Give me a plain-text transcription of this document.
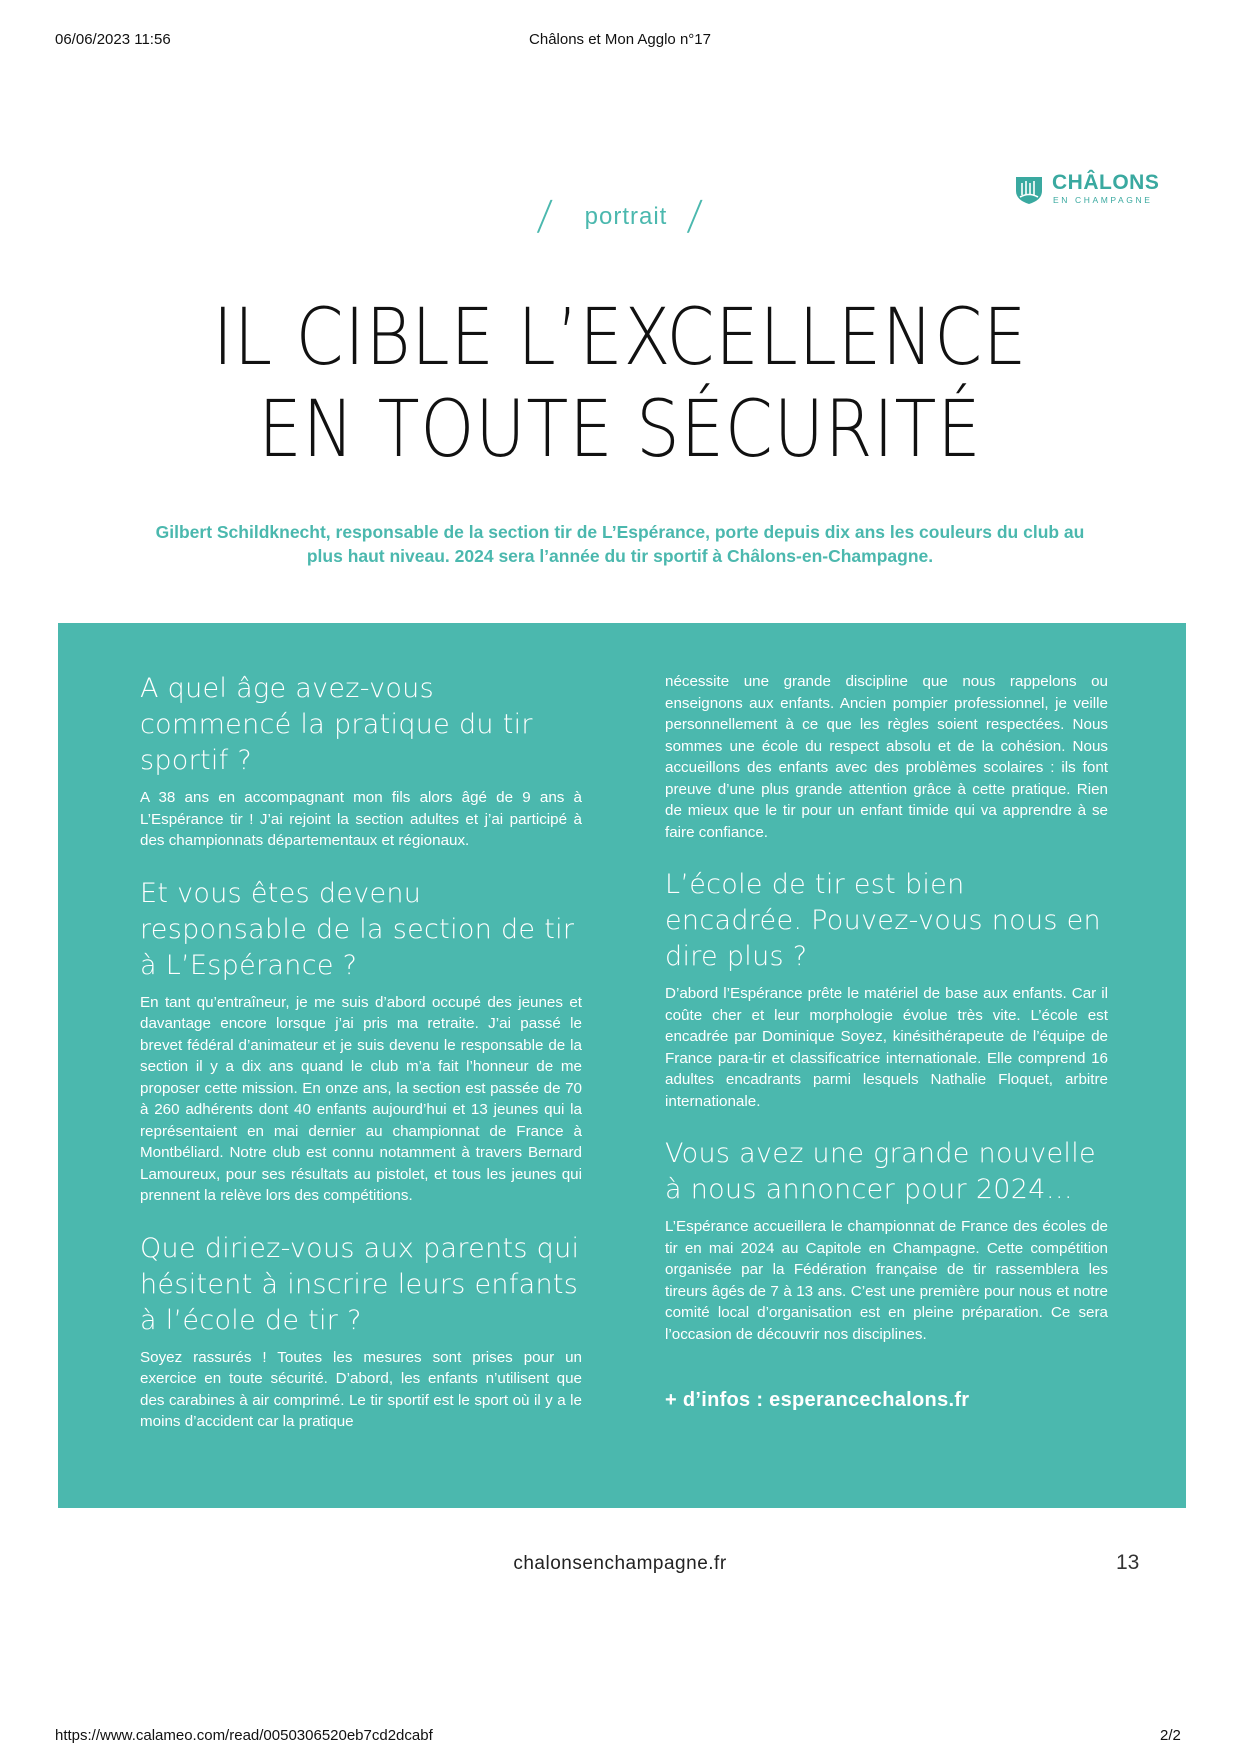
06/06/2023 11:56	Châlons et Mon Agglo n°17
CHÂLONS
EN CHAMPAGNE
/	portrait /
IL CIBLE L’EXCELLENCE
EN TOUTE SÉCURITÉ

Gilbert Schildknecht, responsable de la section tir de L’Espérance, porte depuis dix ans les couleurs du club au plus haut niveau. 2024 sera l’année du tir sportif à Châlons-en-Champagne.

A quel âge avez-vous commencé la pratique du tir sportif ?

A 38 ans en accompagnant mon fils alors âgé de 9 ans à L’Espérance tir ! J’ai rejoint la section adultes et j’ai participé à des championnats départementaux et régionaux.

Et vous êtes devenu responsable de la section de tir à L’Espérance ?

En tant qu’entraîneur, je me suis d’abord occupé des jeunes et davantage encore lorsque j’ai pris ma retraite. J’ai passé le brevet fédéral d’animateur et je suis devenu le responsable de la section il y a dix ans quand le club m’a fait l’honneur de me proposer cette mission. En onze ans, la section est passée de 70 à 260 adhérents dont 40 enfants aujourd’hui et 13 jeunes qui la représentaient en mai dernier au championnat de France à Montbéliard. Notre club est connu notamment à travers Bernard Lamoureux, pour ses résultats au pistolet, et tous les jeunes qui prennent la relève lors des compétitions.

Que diriez-vous aux parents qui hésitent à inscrire leurs enfants à l’école de tir ?

Soyez rassurés ! Toutes les mesures sont prises pour un exercice en toute sécurité. D’abord, les enfants n’utilisent que des carabines à air comprimé. Le tir sportif est le sport où il y a le moins d’accident car la pratique

nécessite une grande discipline que nous rappelons ou enseignons aux enfants. Ancien pompier professionnel, je veille personnellement à ce que les règles soient respectées. Nous sommes une école du respect absolu et de la cohésion. Nous accueillons des enfants avec des problèmes scolaires : ils font preuve d’une plus grande attention grâce à cette pratique. Rien de mieux que le tir pour un enfant timide qui va apprendre à se faire confiance.

L’école de tir est bien encadrée. Pouvez-vous nous en dire plus ?

D’abord l’Espérance prête le matériel de base aux enfants. Car il coûte cher et leur morphologie évolue très vite. L’école est encadrée par Dominique Soyez, kinésithérapeute de l’équipe de France para-tir et classificatrice internationale. Elle comprend 16 adultes encadrants parmi lesquels Nathalie Floquet, arbitre internationale.

Vous avez une grande nouvelle à nous annoncer pour 2024…

L’Espérance accueillera le championnat de France des écoles de tir en mai 2024 au Capitole en Champagne. Cette compétition organisée par la Fédération française de tir rassemblera les tireurs âgés de 7 à 13 ans. C’est une première pour nous et notre comité local d’organisation est en pleine préparation. Ce sera l’occasion de découvrir nos disciplines.

+ d’infos : esperancechalons.fr
chalonsenchampagne.fr	13
https://www.calameo.com/read/0050306520eb7cd2dcabf	2/2
